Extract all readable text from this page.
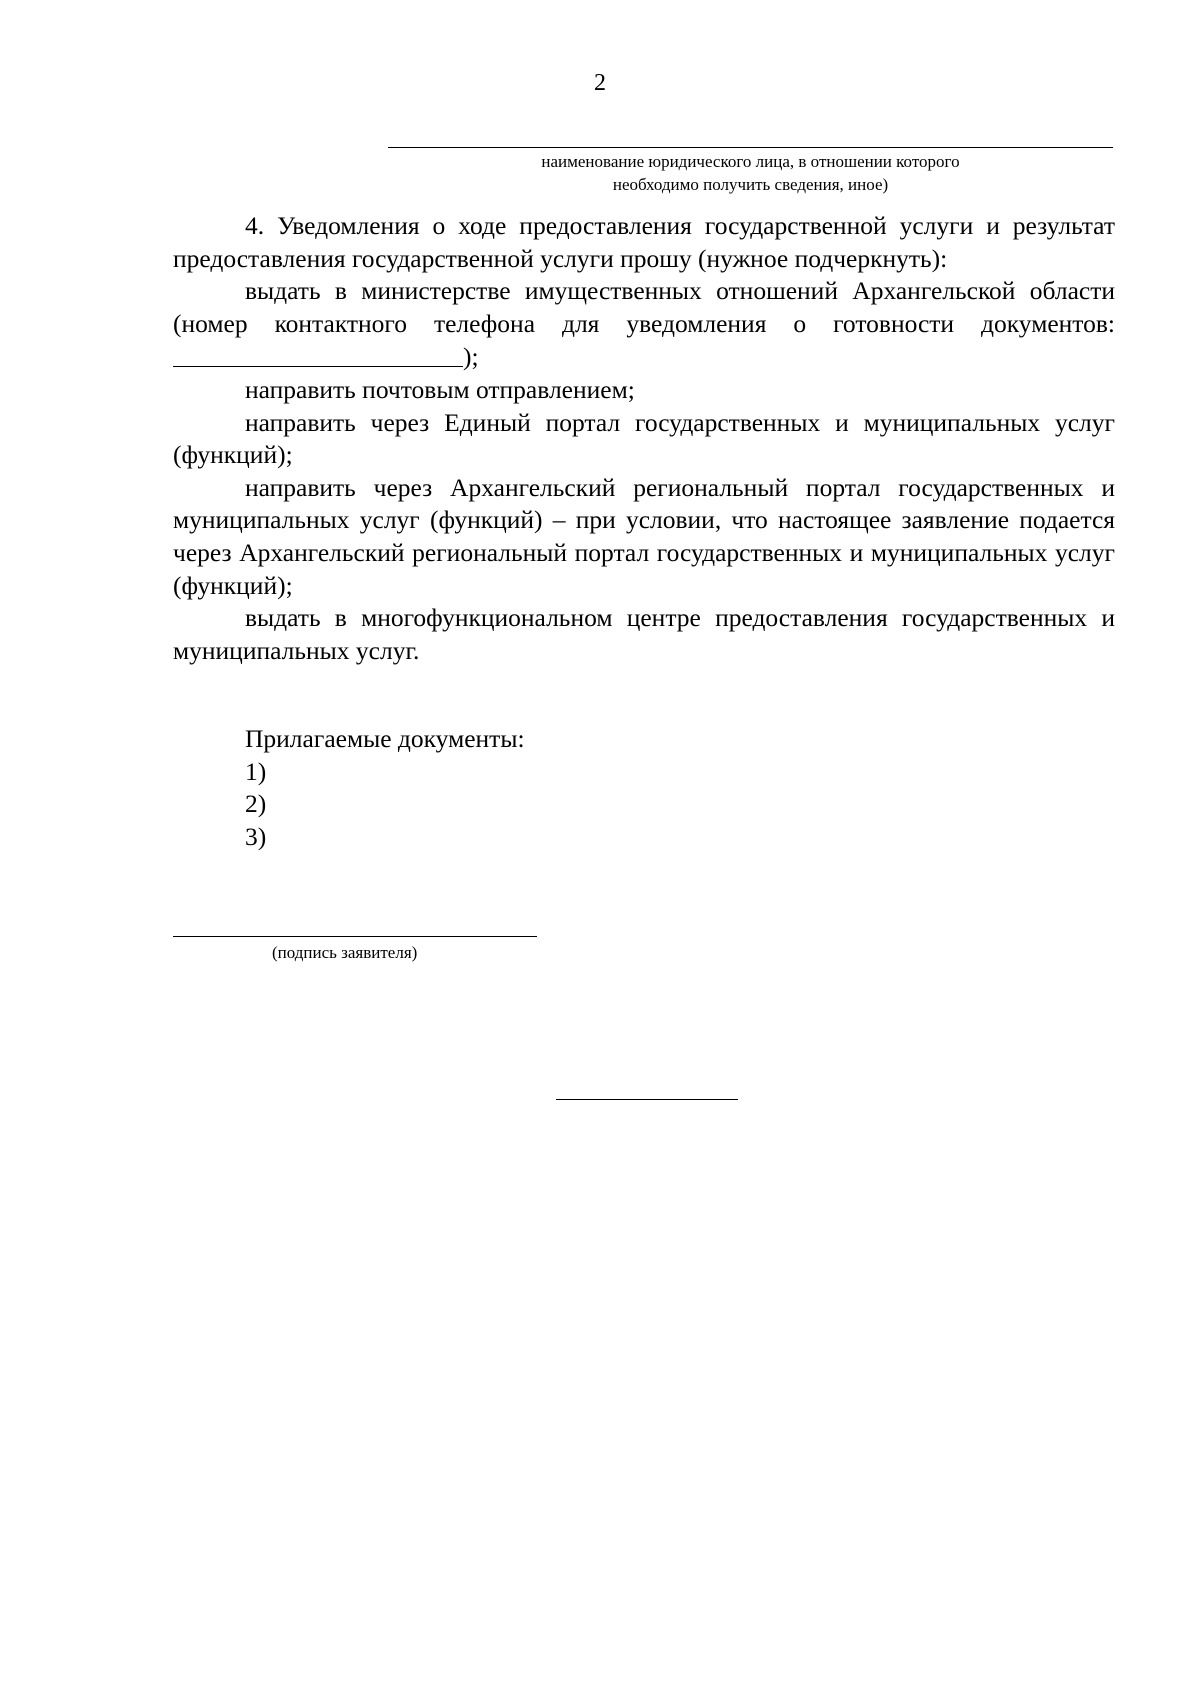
2
наименование юридического лица, в отношении которого
необходимо получить сведения, иное)

4. Уведомления о ходе предоставления государственной услуги и результат предоставления государственной услуги прошу (нужное подчеркнуть):

выдать в министерстве имущественных отношений Архангельской области (номер контактного телефона для уведомления о готовности документов: );

направить почтовым отправлением;

направить через Единый портал государственных и муниципальных услуг (функций);

направить через Архангельский региональный портал государственных и муниципальных услуг (функций) – при условии, что настоящее заявление подается через Архангельский региональный портал государственных и муниципальных услуг (функций);

выдать в многофункциональном центре предоставления государственных и муниципальных услуг.

Прилагаемые документы:
1)
2)
3)
(подпись заявителя)
